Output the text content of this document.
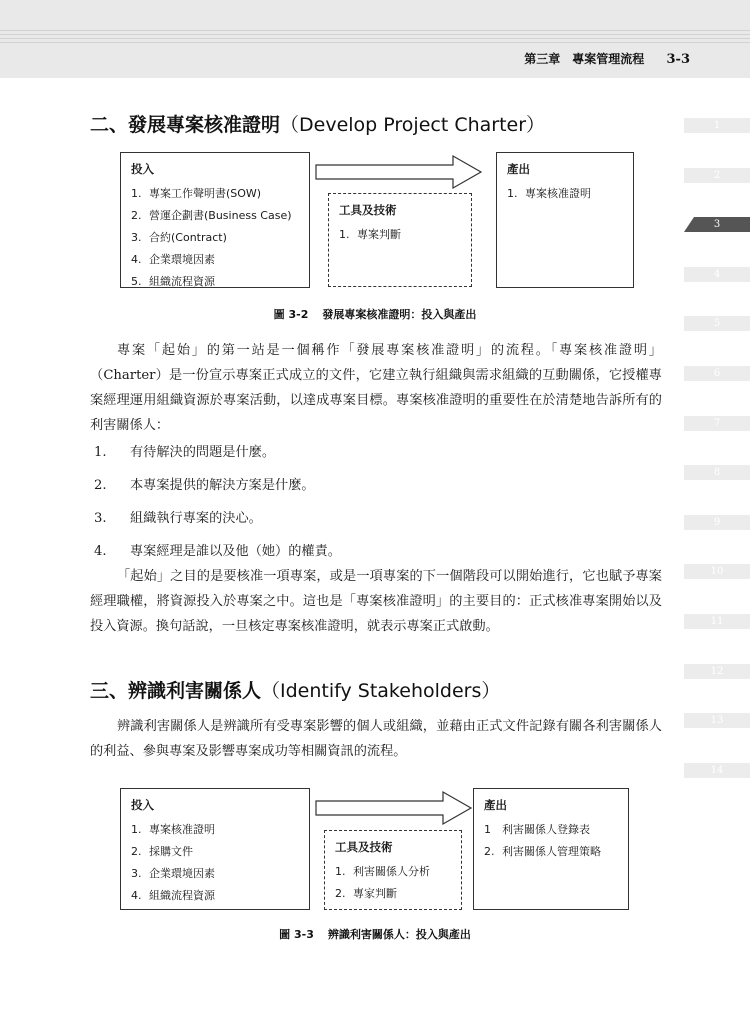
第三章　專案管理流程 3-3
1
2
3
4
5
6
7
8
9
10
11
12
13
14
二、發展專案核准證明（Develop Project Charter）
投入
1. 專案工作聲明書(SOW)
2. 營運企劃書(Business Case)
3. 合約(Contract)
4. 企業環境因素
5. 組織流程資源
工具及技術
1. 專案判斷
產出
1. 專案核准證明
圖 3-2 發展專案核准證明：投入與產出

專案「起始」的第一站是一個稱作「發展專案核准證明」的流程。「專案核准證明」（Charter）是一份宣示專案正式成立的文件，它建立執行組織與需求組織的互動關係，它授權專案經理運用組織資源於專案活動，以達成專案目標。專案核准證明的重要性在於清楚地告訴所有的利害關係人：

1. 有待解決的問題是什麼。
2. 本專案提供的解決方案是什麼。
3. 組織執行專案的決心。
4. 專案經理是誰以及他（她）的權責。

「起始」之目的是要核准一項專案，或是一項專案的下一個階段可以開始進行，它也賦予專案經理職權，將資源投入於專案之中。這也是「專案核准證明」的主要目的：正式核准專案開始以及投入資源。換句話說，一旦核定專案核准證明，就表示專案正式啟動。

三、辨識利害關係人（Identify Stakeholders）

辨識利害關係人是辨識所有受專案影響的個人或組織，並藉由正式文件記錄有關各利害關係人的利益、參與專案及影響專案成功等相關資訊的流程。

投入
1. 專案核准證明
2. 採購文件
3. 企業環境因素
4. 組織流程資源
工具及技術
1. 利害關係人分析
2. 專家判斷
產出
1 利害關係人登錄表
2. 利害關係人管理策略
圖 3-3 辨識利害關係人：投入與產出
